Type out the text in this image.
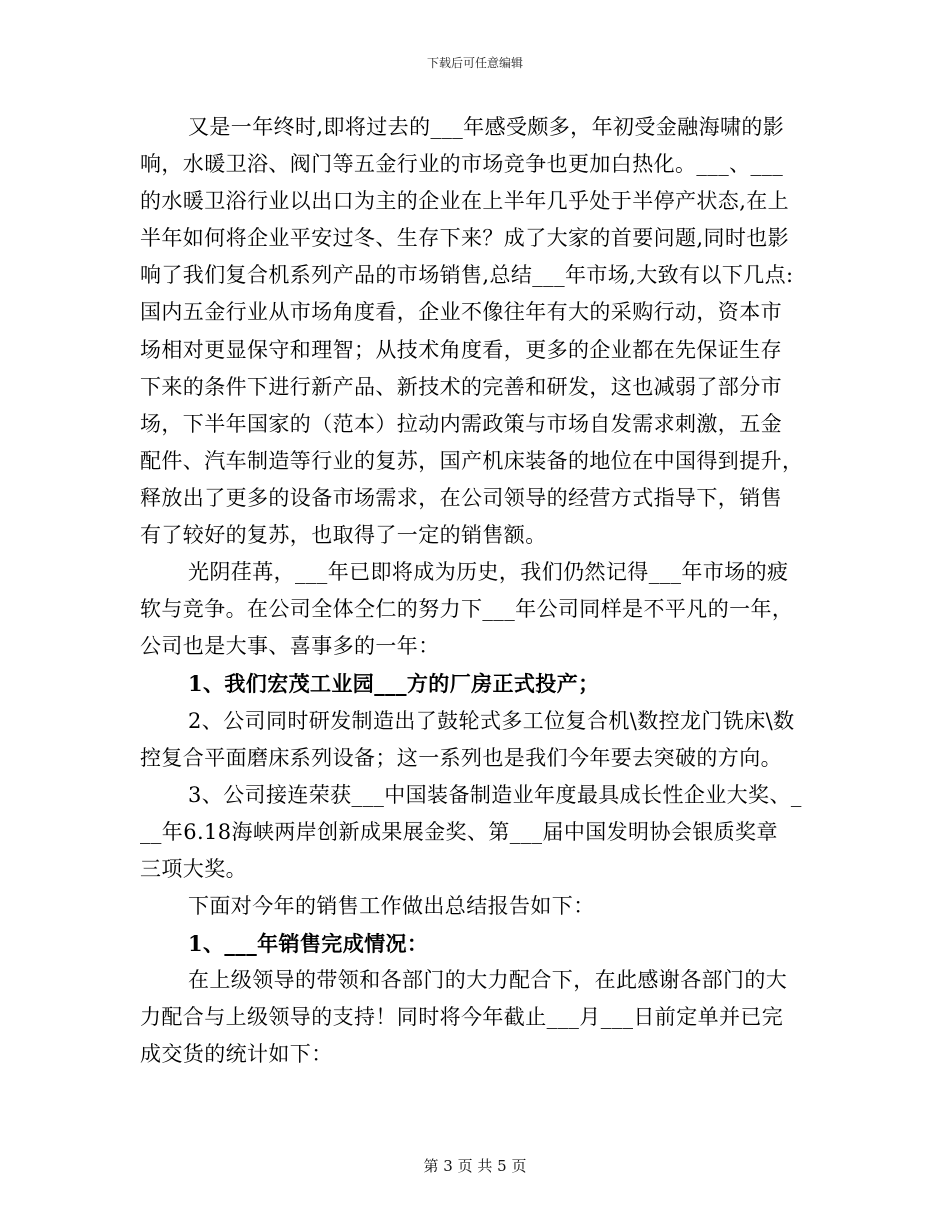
下载后可任意编辑
又是一年终时,即将过去的___年感受颇多，年初受金融海啸的影
响，水暖卫浴、阀门等五金行业的市场竞争也更加白热化。___、___
的水暖卫浴行业以出口为主的企业在上半年几乎处于半停产状态,在上
半年如何将企业平安过冬、生存下来？成了大家的首要问题,同时也影
响了我们复合机系列产品的市场销售,总结___年市场,大致有以下几点:
国内五金行业从市场角度看，企业不像往年有大的采购行动，资本市
场相对更显保守和理智；从技术角度看，更多的企业都在先保证生存
下来的条件下进行新产品、新技术的完善和研发，这也减弱了部分市
场，下半年国家的（范本）拉动内需政策与市场自发需求刺激，五金
配件、汽车制造等行业的复苏，国产机床装备的地位在中国得到提升，
释放出了更多的设备市场需求，在公司领导的经营方式指导下，销售
有了较好的复苏，也取得了一定的销售额。
光阴荏苒，___年已即将成为历史，我们仍然记得___年市场的疲
软与竞争。在公司全体仝仁的努力下___年公司同样是不平凡的一年，
公司也是大事、喜事多的一年：
1、我们宏茂工业园___方的厂房正式投产；
2、公司同时研发制造出了鼓轮式多工位复合机\数控龙门铣床\数
控复合平面磨床系列设备；这一系列也是我们今年要去突破的方向。
3、公司接连荣获___中国装备制造业年度最具成长性企业大奖、_
__年6.18海峡两岸创新成果展金奖、第___届中国发明协会银质奖章
三项大奖。
下面对今年的销售工作做出总结报告如下：
1、___年销售完成情况：
在上级领导的带领和各部门的大力配合下，在此感谢各部门的大
力配合与上级领导的支持！同时将今年截止___月___日前定单并已完
成交货的统计如下：
第 3 页 共 5 页
